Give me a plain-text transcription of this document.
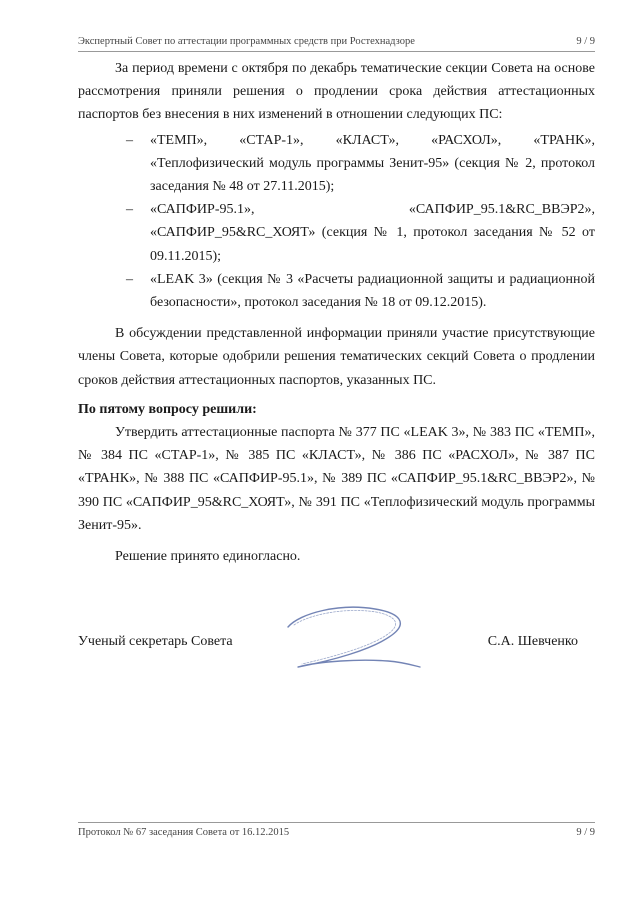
Экспертный Совет по аттестации программных средств при Ростехнадзоре	9 / 9

За период времени с октября по декабрь тематические секции Совета на основе рассмотрения приняли решения о продлении срока действия аттестационных паспортов без внесения в них изменений в отношении следующих ПС:

– «ТЕМП», «СТАР-1», «КЛАСТ», «РАСХОЛ», «ТРАНК», «Теплофизический модуль программы Зенит-95» (секция № 2, протокол заседания № 48 от 27.11.2015);
– «САПФИР-95.1», «САПФИР_95.1&RC_ВВЭР2», «САПФИР_95&RC_ХОЯТ» (секция № 1, протокол заседания № 52 от 09.11.2015);
– «LEAK 3» (секция № 3 «Расчеты радиационной защиты и радиационной безопасности», протокол заседания № 18 от 09.12.2015).

В обсуждении представленной информации приняли участие присутствующие члены Совета, которые одобрили решения тематических секций Совета о продлении сроков действия аттестационных паспортов, указанных ПС.

По пятому вопросу решили:

Утвердить аттестационные паспорта № 377 ПС «LEAK 3», № 383 ПС «ТЕМП», № 384 ПС «СТАР-1», № 385 ПС «КЛАСТ», № 386 ПС «РАСХОЛ», № 387 ПС «ТРАНК», № 388 ПС «САПФИР-95.1», № 389 ПС «САПФИР_95.1&RC_ВВЭР2», № 390 ПС «САПФИР_95&RC_ХОЯТ», № 391 ПС «Теплофизический модуль программы Зенит-95».

Решение принято единогласно.

Ученый секретарь Совета	С.А. Шевченко
Протокол № 67 заседания Совета от 16.12.2015	9 / 9
